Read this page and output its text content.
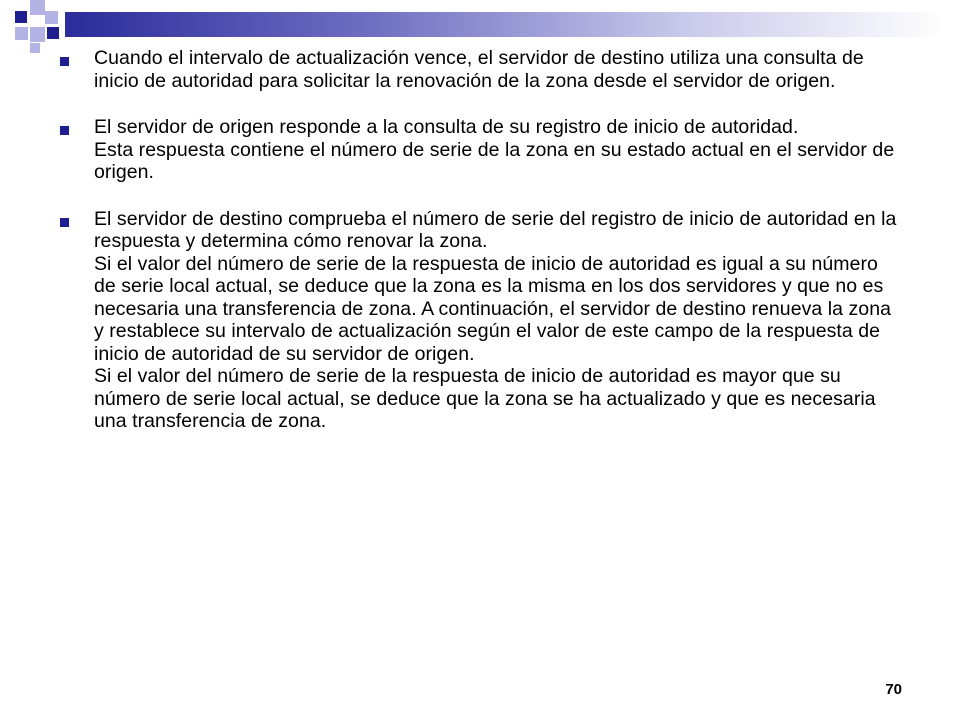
Cuando el intervalo de actualización vence, el servidor de destino utiliza una consulta de inicio de autoridad para solicitar la renovación de la zona desde el servidor de origen.

El servidor de origen responde a la consulta de su registro de inicio de autoridad.

Esta respuesta contiene el número de serie de la zona en su estado actual en el servidor de origen.

El servidor de destino comprueba el número de serie del registro de inicio de autoridad en la respuesta y determina cómo renovar la zona.

Si el valor del número de serie de la respuesta de inicio de autoridad es igual a su número de serie local actual, se deduce que la zona es la misma en los dos servidores y que no es necesaria una transferencia de zona. A continuación, el servidor de destino renueva la zona y restablece su intervalo de actualización según el valor de este campo de la respuesta de inicio de autoridad de su servidor de origen.

Si el valor del número de serie de la respuesta de inicio de autoridad es mayor que su número de serie local actual, se deduce que la zona se ha actualizado y que es necesaria una transferencia de zona.

70
